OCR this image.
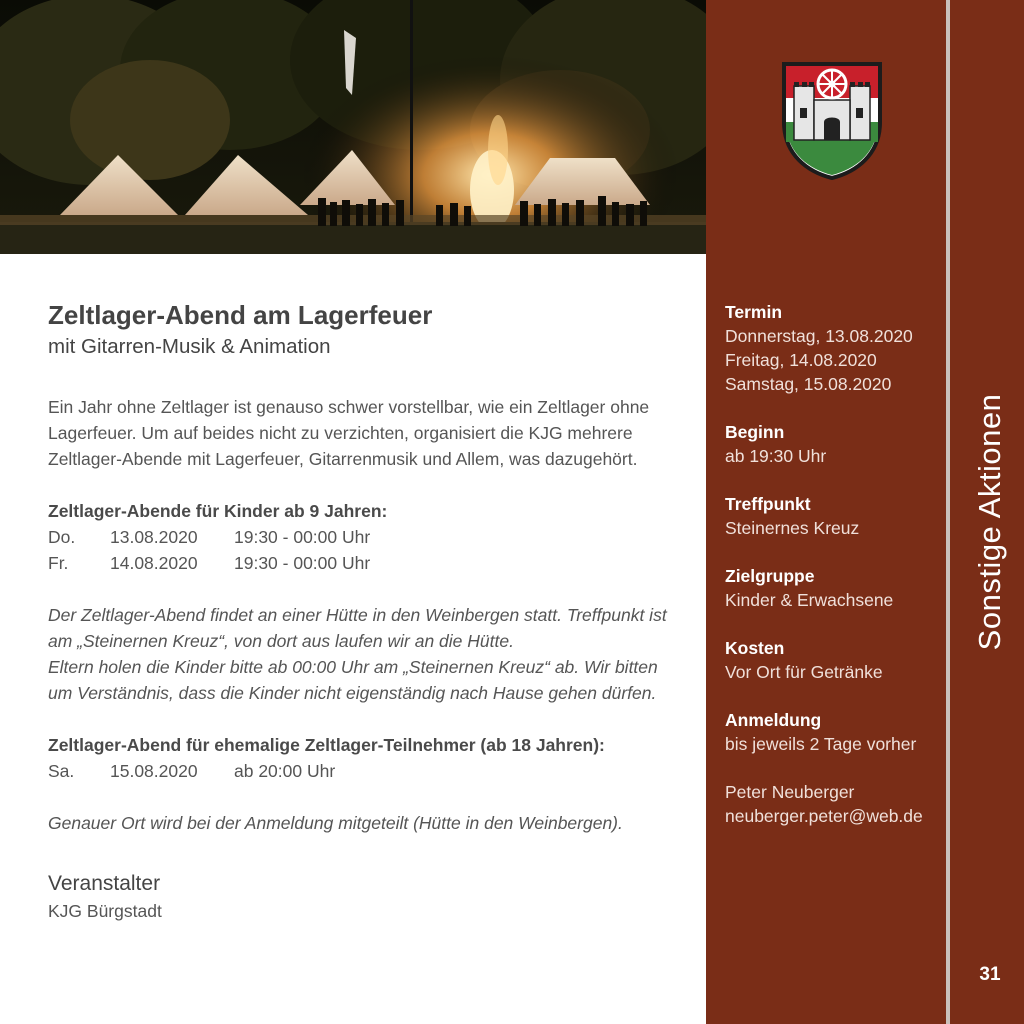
Zeltlager-Abend am Lagerfeuer

mit Gitarren-Musik & Animation

Ein Jahr ohne Zeltlager ist genauso schwer vorstellbar, wie ein Zeltlager ohne Lagerfeuer. Um auf beides nicht zu verzichten, organisiert die KJG mehrere Zeltlager-Abende mit Lagerfeuer, Gitarrenmusik und Allem, was dazugehört.

Zeltlager-Abende für Kinder ab 9 Jahren:

Do.	13.08.2020	19:30 - 00:00 Uhr
Fr.	14.08.2020	19:30 - 00:00 Uhr

Der Zeltlager-Abend findet an einer Hütte in den Weinbergen statt. Treffpunkt ist am „Steinernen Kreuz“, von dort aus laufen wir an die Hütte.

Eltern holen die Kinder bitte ab 00:00 Uhr am „Steinernen Kreuz“ ab. Wir bitten um Verständnis, dass die Kinder nicht eigenständig nach Hause gehen dürfen.

Zeltlager-Abend für ehemalige Zeltlager-Teilnehmer (ab 18 Jahren):

Sa.	15.08.2020	ab 20:00 Uhr

Genauer Ort wird bei der Anmeldung mitgeteilt (Hütte in den Weinbergen).

Veranstalter

KJG Bürgstadt

Termin
Donnerstag, 13.08.2020
Freitag, 14.08.2020
Samstag, 15.08.2020
Beginn
ab 19:30 Uhr
Treffpunkt
Steinernes Kreuz
Zielgruppe
Kinder & Erwachsene
Kosten
Vor Ort für Getränke
Anmeldung
bis jeweils 2 Tage vorher
Peter Neuberger
neuberger.peter@web.de
Sonstige Aktionen
31
